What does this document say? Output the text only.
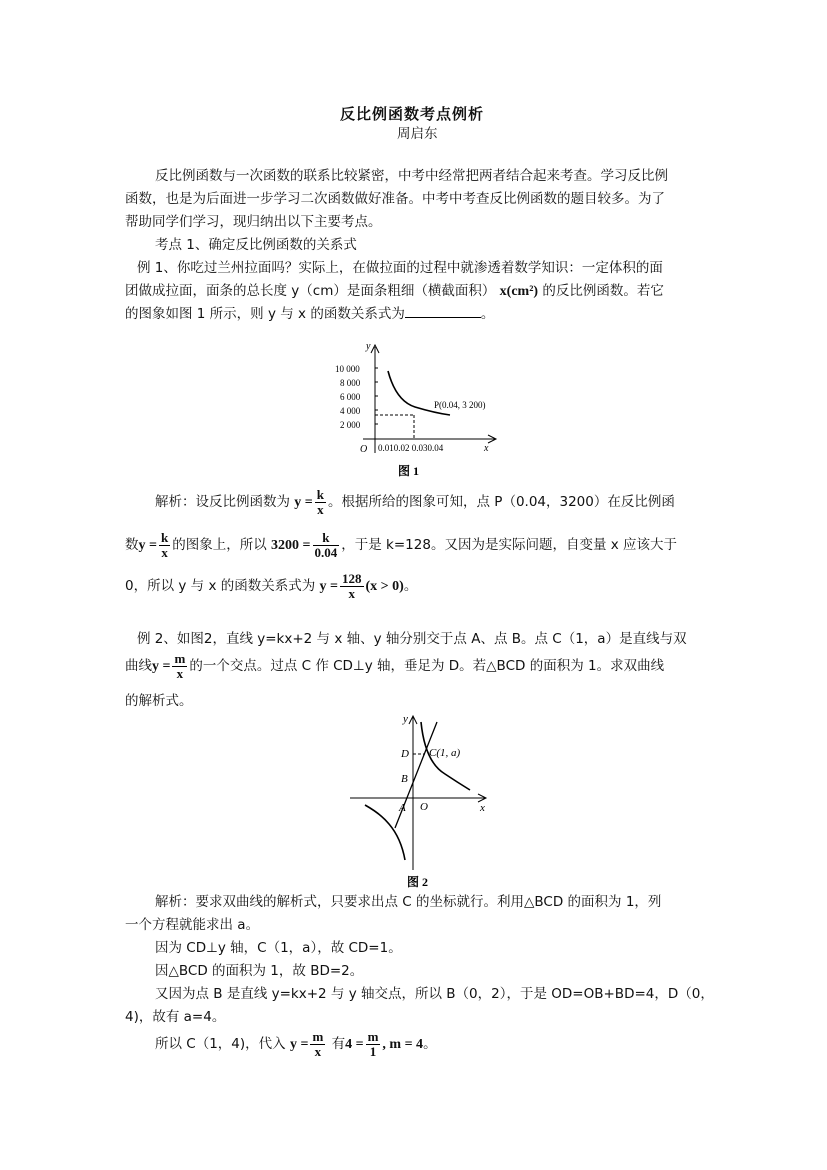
反比例函数考点例析
周启东
反比例函数与一次函数的联系比较紧密，中考中经常把两者结合起来考查。学习反比例
函数，也是为后面进一步学习二次函数做好准备。中考中考查反比例函数的题目较多。为了
帮助同学们学习，现归纳出以下主要考点。
考点 1、确定反比例函数的关系式
例 1、你吃过兰州拉面吗？实际上，在做拉面的过程中就渗透着数学知识：一定体积的面
团做成拉面，面条的总长度 y（cm）是面条粗细（横截面积） x(cm²) 的反比例函数。若它
的图象如图 1 所示，则 y 与 x 的函数关系式为	。
y
x
O
10 000
8 000
6 000
4 000
2 000
0.010.02 0.030.04
P(0.04, 3 200)
图 1
解析：设反比例函数为 $y = \frac{k}{x}$ 。根据所给的图象可知，点 P（0.04，3200）在反比例函
数$y = \frac{k}{x}$ 的图象上，所以 $3200 = \frac{k}{0.04}$ ，于是 k=128。又因为是实际问题，自变量 x 应该大于
0，所以 y 与 x 的函数关系式为 $y = \frac{128}{x} (x > 0)$。
例 2、如图2，直线 y=kx+2 与 x 轴、y 轴分别交于点 A、点 B。点 C（1，a）是直线与双
曲线$y = \frac{m}{x}$ 的一个交点。过点 C 作 CD⊥y 轴，垂足为 D。若△BCD 的面积为 1。求双曲线
的解析式。
y
x
O
A
B
D C(1, a)
图 2
解析：要求双曲线的解析式，只要求出点 C 的坐标就行。利用△BCD 的面积为 1，列
一个方程就能求出 a。
因为 CD⊥y 轴，C（1，a），故 CD=1。
因△BCD 的面积为 1，故 BD=2。
又因为点 B 是直线 y=kx+2 与 y 轴交点，所以 B（0，2），于是 OD=OB+BD=4，D（0，
4)，故有 a=4。
所以 C（1，4)，代入 $y = \frac{m}{x}$ 有$4 = \frac{m}{1}$ , m = 4。
